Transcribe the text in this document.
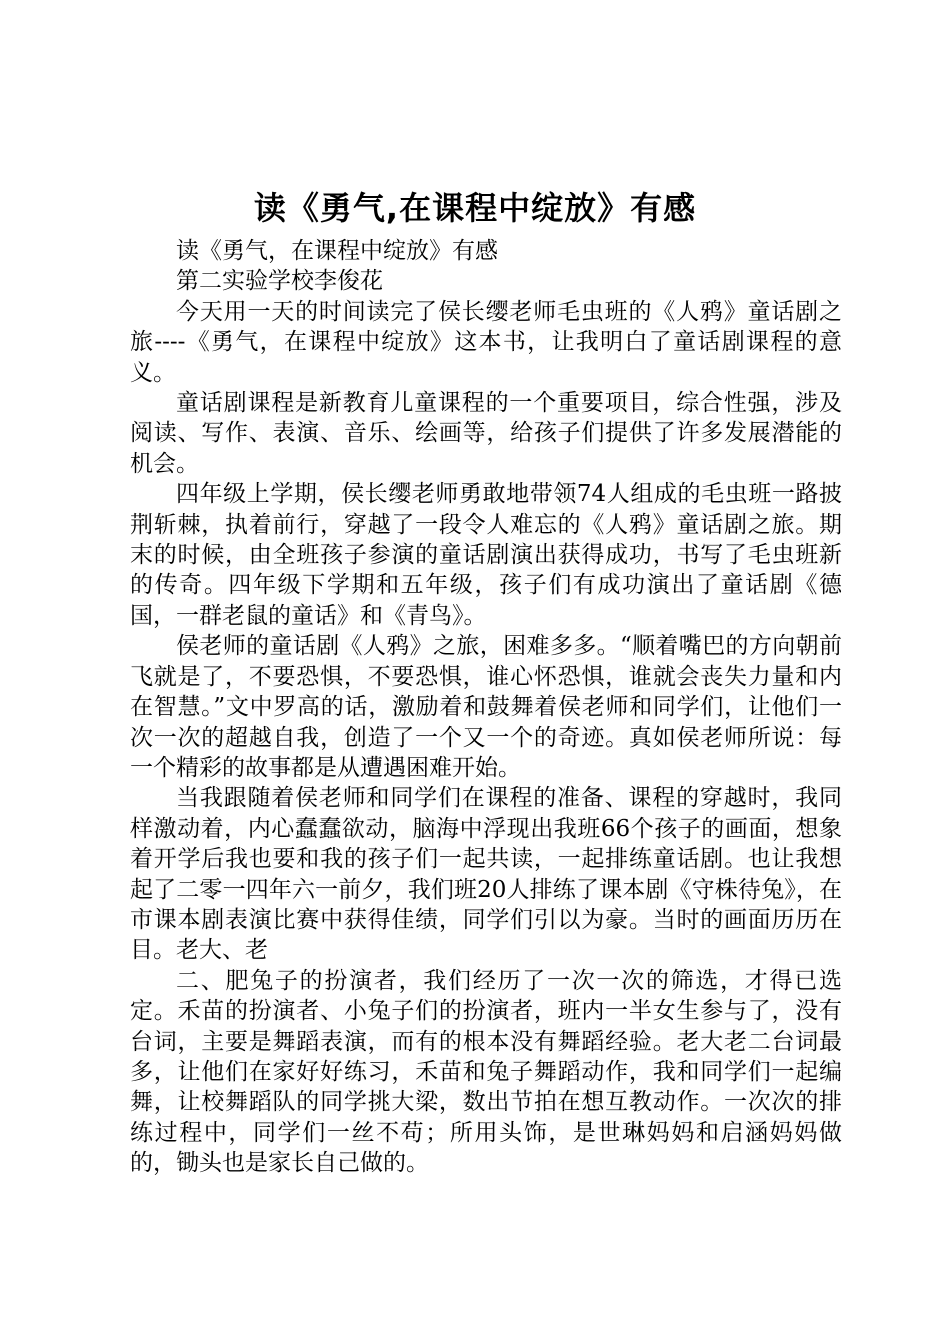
读《勇气,在课程中绽放》有感

读《勇气，在课程中绽放》有感

第二实验学校李俊花

今天用一天的时间读完了侯长缨老师毛虫班的《人鸦》童话剧之旅----《勇气，在课程中绽放》这本书，让我明白了童话剧课程的意义。

童话剧课程是新教育儿童课程的一个重要项目，综合性强，涉及阅读、写作、表演、音乐、绘画等，给孩子们提供了许多发展潜能的机会。

四年级上学期，侯长缨老师勇敢地带领74人组成的毛虫班一路披荆斩棘，执着前行，穿越了一段令人难忘的《人鸦》童话剧之旅。期末的时候，由全班孩子参演的童话剧演出获得成功，书写了毛虫班新的传奇。四年级下学期和五年级，孩子们有成功演出了童话剧《德国，一群老鼠的童话》和《青鸟》。

侯老师的童话剧《人鸦》之旅，困难多多。“顺着嘴巴的方向朝前飞就是了，不要恐惧，不要恐惧，谁心怀恐惧，谁就会丧失力量和内在智慧。”文中罗高的话，激励着和鼓舞着侯老师和同学们，让他们一次一次的超越自我，创造了一个又一个的奇迹。真如侯老师所说：每一个精彩的故事都是从遭遇困难开始。

当我跟随着侯老师和同学们在课程的准备、课程的穿越时，我同样激动着，内心蠢蠢欲动，脑海中浮现出我班66个孩子的画面，想象着开学后我也要和我的孩子们一起共读，一起排练童话剧。也让我想起了二零一四年六一前夕，我们班20人排练了课本剧《守株待兔》，在市课本剧表演比赛中获得佳绩，同学们引以为豪。当时的画面历历在目。老大、老

二、肥兔子的扮演者，我们经历了一次一次的筛选，才得已选定。禾苗的扮演者、小兔子们的扮演者，班内一半女生参与了，没有台词，主要是舞蹈表演，而有的根本没有舞蹈经验。老大老二台词最多，让他们在家好好练习，禾苗和兔子舞蹈动作，我和同学们一起编舞，让校舞蹈队的同学挑大梁，数出节拍在想互教动作。一次次的排练过程中，同学们一丝不苟；所用头饰，是世琳妈妈和启涵妈妈做的，锄头也是家长自己做的。
